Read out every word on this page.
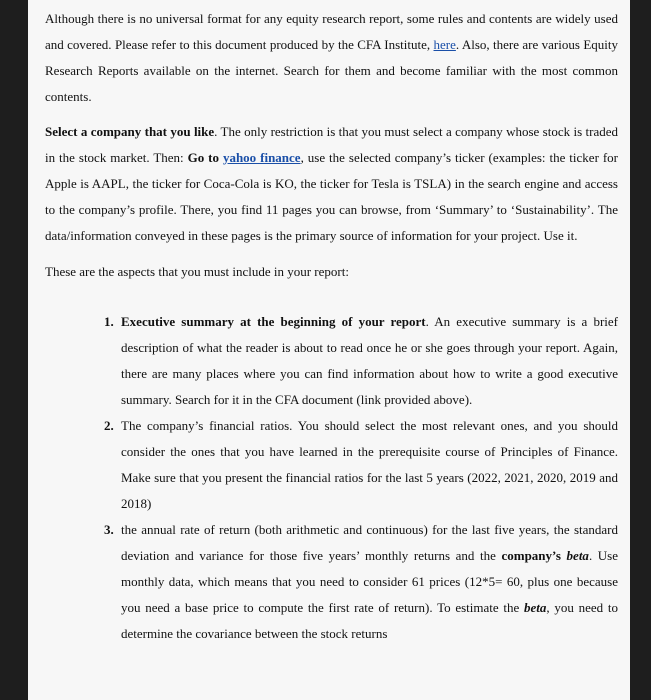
Although there is no universal format for any equity research report, some rules and contents are widely used and covered. Please refer to this document produced by the CFA Institute, here. Also, there are various Equity Research Reports available on the internet. Search for them and become familiar with the most common contents.

Select a company that you like. The only restriction is that you must select a company whose stock is traded in the stock market. Then: Go to yahoo finance, use the selected company’s ticker (examples: the ticker for Apple is AAPL, the ticker for Coca-Cola is KO, the ticker for Tesla is TSLA) in the search engine and access to the company’s profile. There, you find 11 pages you can browse, from ‘Summary’ to ‘Sustainability’. The data/information conveyed in these pages is the primary source of information for your project. Use it.

These are the aspects that you must include in your report:

1. Executive summary at the beginning of your report. An executive summary is a brief description of what the reader is about to read once he or she goes through your report. Again, there are many places where you can find information about how to write a good executive summary. Search for it in the CFA document (link provided above).
2. The company’s financial ratios. You should select the most relevant ones, and you should consider the ones that you have learned in the prerequisite course of Principles of Finance. Make sure that you present the financial ratios for the last 5 years (2022, 2021, 2020, 2019 and 2018)
3. the annual rate of return (both arithmetic and continuous) for the last five years, the standard deviation and variance for those five years’ monthly returns and the company’s beta. Use monthly data, which means that you need to consider 61 prices (12*5= 60, plus one because you need a base price to compute the first rate of return). To estimate the beta, you need to determine the covariance between the stock returns
